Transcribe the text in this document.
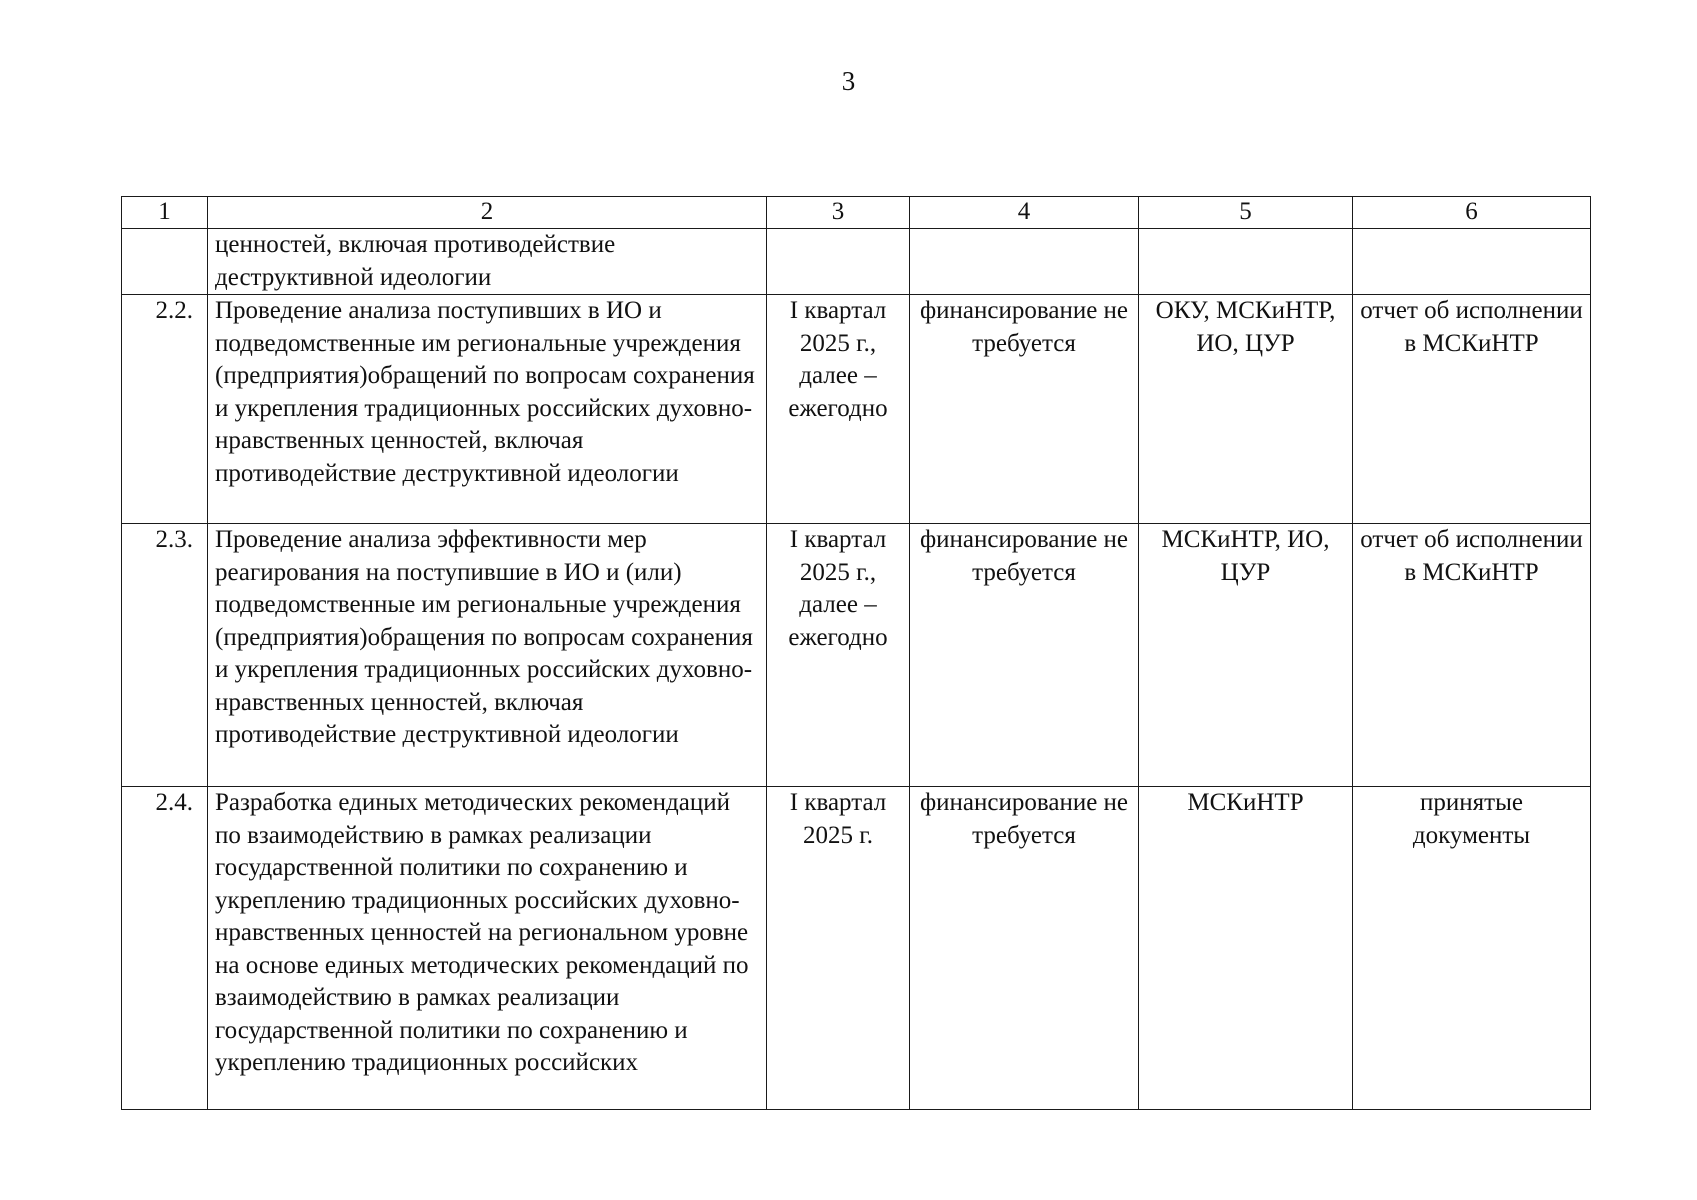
3
1	2	3	4	5	6
	ценностей, включая противодействие деструктивной идеологии				
2.2.	Проведение анализа поступивших в ИО и подведомственные им региональные учреждения (предприятия)обращений по вопросам сохранения и укрепления традиционных российских духовно-нравственных ценностей, включая противодействие деструктивной идеологии	I квартал 2025 г., далее – ежегодно	финансирование не требуется	ОКУ, МСКиНТР, ИО, ЦУР	отчет об исполнении в МСКиНТР
2.3.	Проведение анализа эффективности мер реагирования на поступившие в ИО и (или) подведомственные им региональные учреждения (предприятия)обращения по вопросам сохранения и укрепления традиционных российских духовно-нравственных ценностей, включая противодействие деструктивной идеологии	I квартал 2025 г., далее – ежегодно	финансирование не требуется	МСКиНТР, ИО, ЦУР	отчет об исполнении в МСКиНТР
2.4.	Разработка единых методических рекомендаций по взаимодействию в рамках реализации государственной политики по сохранению и укреплению традиционных российских духовно-нравственных ценностей на региональном уровне на основе единых методических рекомендаций по взаимодействию в рамках реализации государственной политики по сохранению и укреплению традиционных российских	I квартал 2025 г.	финансирование не требуется	МСКиНТР	принятые документы
